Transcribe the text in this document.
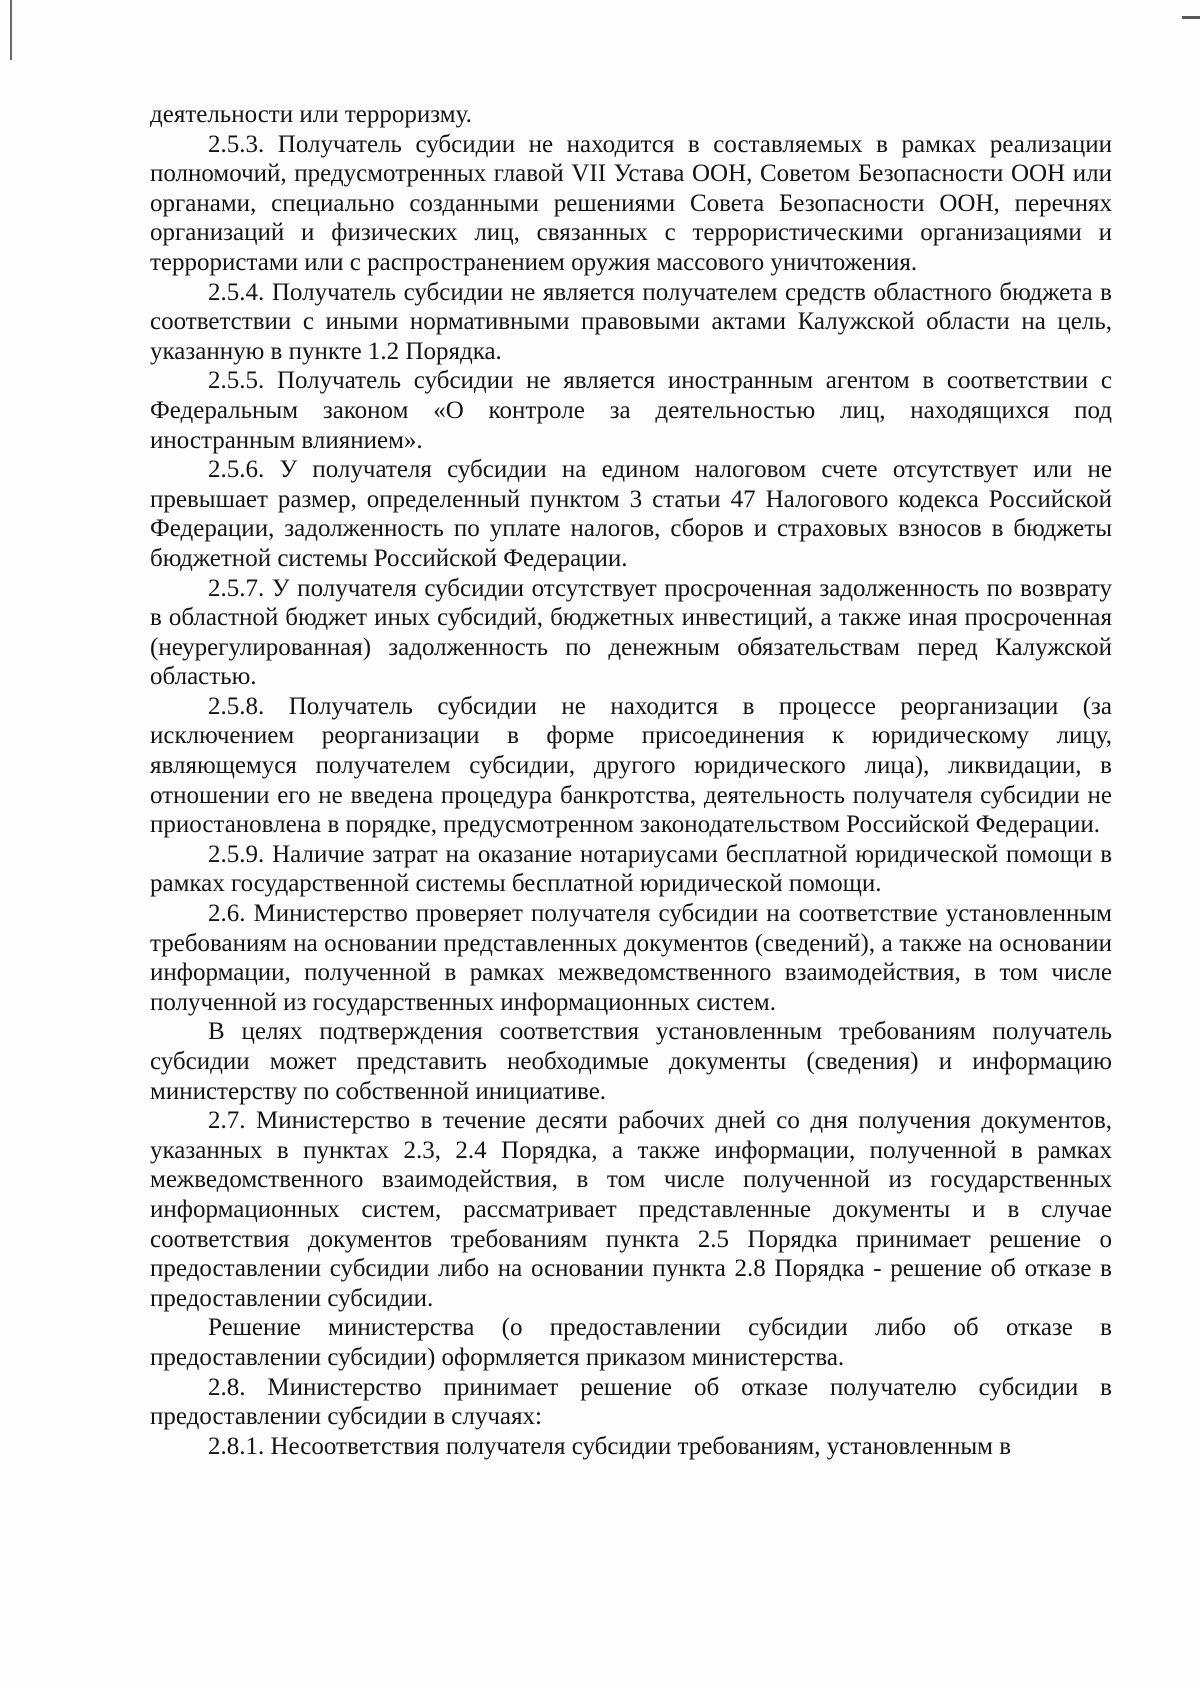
деятельности или терроризму.

2.5.3. Получатель субсидии не находится в составляемых в рамках реализации полномочий, предусмотренных главой VII Устава ООН, Советом Безопасности ООН или органами, специально созданными решениями Совета Безопасности ООН, перечнях организаций и физических лиц, связанных с террористическими организациями и террористами или с распространением оружия массового уничтожения.

2.5.4. Получатель субсидии не является получателем средств областного бюджета в соответствии с иными нормативными правовыми актами Калужской области на цель, указанную в пункте 1.2 Порядка.

2.5.5. Получатель субсидии не является иностранным агентом в соответствии с Федеральным законом «О контроле за деятельностью лиц, находящихся под иностранным влиянием».

2.5.6. У получателя субсидии на едином налоговом счете отсутствует или не превышает размер, определенный пунктом 3 статьи 47 Налогового кодекса Российской Федерации, задолженность по уплате налогов, сборов и страховых взносов в бюджеты бюджетной системы Российской Федерации.

2.5.7. У получателя субсидии отсутствует просроченная задолженность по возврату в областной бюджет иных субсидий, бюджетных инвестиций, а также иная просроченная (неурегулированная) задолженность по денежным обязательствам перед Калужской областью.

2.5.8. Получатель субсидии не находится в процессе реорганизации (за исключением реорганизации в форме присоединения к юридическому лицу, являющемуся получателем субсидии, другого юридического лица), ликвидации, в отношении его не введена процедура банкротства, деятельность получателя субсидии не приостановлена в порядке, предусмотренном законодательством Российской Федерации.

2.5.9. Наличие затрат на оказание нотариусами бесплатной юридической помощи в рамках государственной системы бесплатной юридической помощи.

2.6. Министерство проверяет получателя субсидии на соответствие установленным требованиям на основании представленных документов (сведений), а также на основании информации, полученной в рамках межведомственного взаимодействия, в том числе полученной из государственных информационных систем.

В целях подтверждения соответствия установленным требованиям получатель субсидии может представить необходимые документы (сведения) и информацию министерству по собственной инициативе.

2.7. Министерство в течение десяти рабочих дней со дня получения документов, указанных в пунктах 2.3, 2.4 Порядка, а также информации, полученной в рамках межведомственного взаимодействия, в том числе полученной из государственных информационных систем, рассматривает представленные документы и в случае соответствия документов требованиям пункта 2.5 Порядка принимает решение о предоставлении субсидии либо на основании пункта 2.8 Порядка - решение об отказе в предоставлении субсидии.

Решение министерства (о предоставлении субсидии либо об отказе в предоставлении субсидии) оформляется приказом министерства.

2.8. Министерство принимает решение об отказе получателю субсидии в предоставлении субсидии в случаях:

2.8.1. Несоответствия получателя субсидии требованиям, установленным в
